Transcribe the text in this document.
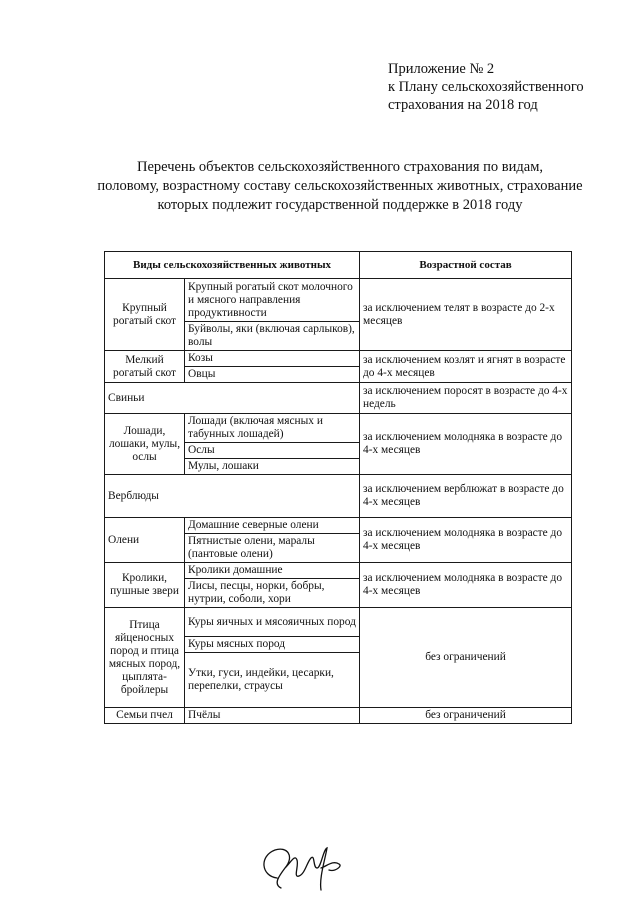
Приложение № 2
к Плану сельскохозяйственного
страхования на 2018 год
Перечень объектов сельскохозяйственного страхования по видам,
половому, возрастному составу сельскохозяйственных животных, страхование
которых подлежит государственной поддержке в 2018 году
Виды сельскохозяйственных животных		Возрастной состав
Крупный рогатый скот	Крупный рогатый скот молочного и мясного направления продуктивности	за исключением телят в возрасте до 2-х месяцев
	Буйволы, яки (включая сарлыков), волы	
Мелкий рогатый скот	Козы	за исключением козлят и ягнят в возрасте до 4-х месяцев
	Овцы	
Свиньи		за исключением поросят в возрасте до 4-х недель
Лошади, лошаки, мулы, ослы	Лошади (включая мясных и табунных лошадей)	за исключением молодняка в возрасте до 4-х месяцев
	Ослы	
	Мулы, лошаки	
Верблюды		за исключением верблюжат в возрасте до 4-х месяцев
Олени	Домашние северные олени	за исключением молодняка в возрасте до 4-х месяцев
	Пятнистые олени, маралы (пантовые олени)	
Кролики, пушные звери	Кролики домашние	за исключением молодняка в возрасте до 4-х месяцев
	Лисы, песцы, норки, бобры, нутрии, соболи, хори	
Птица яйценосных пород и птица мясных пород, цыплята-бройлеры	Куры яичных и мясояичных пород	без ограничений
	Куры мясных пород	
	Утки, гуси, индейки, цесарки, перепелки, страусы	
Семьи пчел	Пчёлы	без ограничений
